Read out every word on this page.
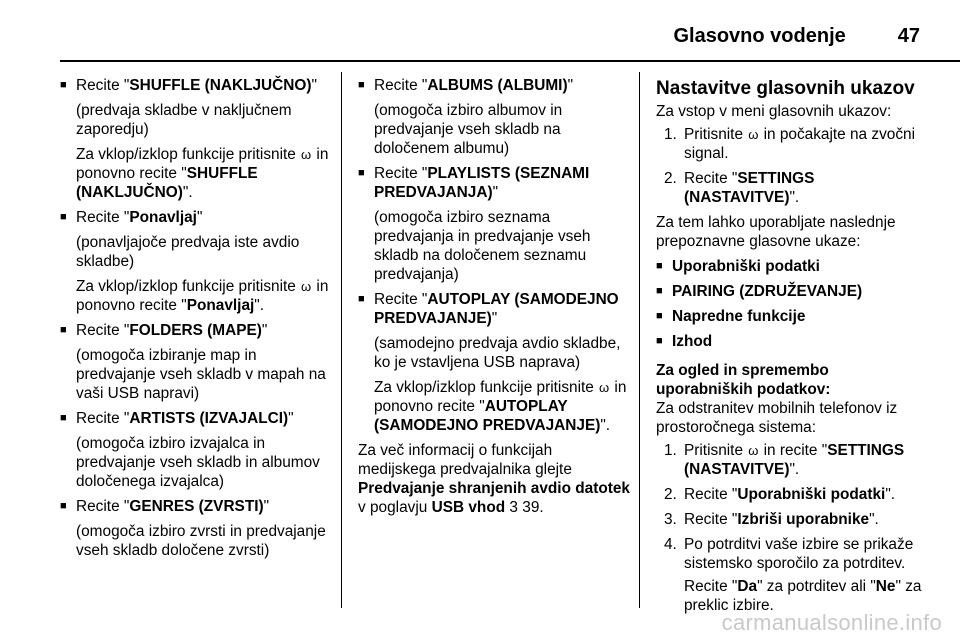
Glasovno vodenje	47
■ Recite "SHUFFLE (NAKLJUČNO)"
(predvaja skladbe v naključnem zaporedju)
Za vklop/izklop funkcije pritisnite ω in ponovno recite "SHUFFLE (NAKLJUČNO)".
■ Recite "Ponavljaj"
(ponavljajoče predvaja iste avdio skladbe)
Za vklop/izklop funkcije pritisnite ω in ponovno recite "Ponavljaj".
■ Recite "FOLDERS (MAPE)"
(omogoča izbiranje map in predvajanje vseh skladb v mapah na vaši USB napravi)
■ Recite "ARTISTS (IZVAJALCI)"
(omogoča izbiro izvajalca in predvajanje vseh skladb in albumov določenega izvajalca)
■ Recite "GENRES (ZVRSTI)"
(omogoča izbiro zvrsti in predvajanje vseh skladb določene zvrsti)
■ Recite "ALBUMS (ALBUMI)"
(omogoča izbiro albumov in predvajanje vseh skladb na določenem albumu)
■ Recite "PLAYLISTS (SEZNAMI PREDVAJANJA)"
(omogoča izbiro seznama predvajanja in predvajanje vseh skladb na določenem seznamu predvajanja)
■ Recite "AUTOPLAY (SAMODEJNO PREDVAJANJE)"
(samodejno predvaja avdio skladbe, ko je vstavljena USB naprava)
Za vklop/izklop funkcije pritisnite ω in ponovno recite "AUTOPLAY (SAMODEJNO PREDVAJANJE)".
Za več informacij o funkcijah medijskega predvajalnika glejte Predvajanje shranjenih avdio datotek v poglavju USB vhod 3 39.
Nastavitve glasovnih ukazov
Za vstop v meni glasovnih ukazov:
1. Pritisnite ω in počakajte na zvočni signal.
2. Recite "SETTINGS (NASTAVITVE)".
Za tem lahko uporabljate naslednje prepoznavne glasovne ukaze:
■ Uporabniški podatki
■ PAIRING (ZDRUŽEVANJE)
■ Napredne funkcije
■ Izhod
Za ogled in spremembo uporabniških podatkov:
Za odstranitev mobilnih telefonov iz prostoročnega sistema:
1. Pritisnite ω in recite "SETTINGS (NASTAVITVE)".
2. Recite "Uporabniški podatki".
3. Recite "Izbriši uporabnike".
4. Po potrditvi vaše izbire se prikaže sistemsko sporočilo za potrditev.
Recite "Da" za potrditev ali "Ne" za preklic izbire.
carmanualsonline.info
